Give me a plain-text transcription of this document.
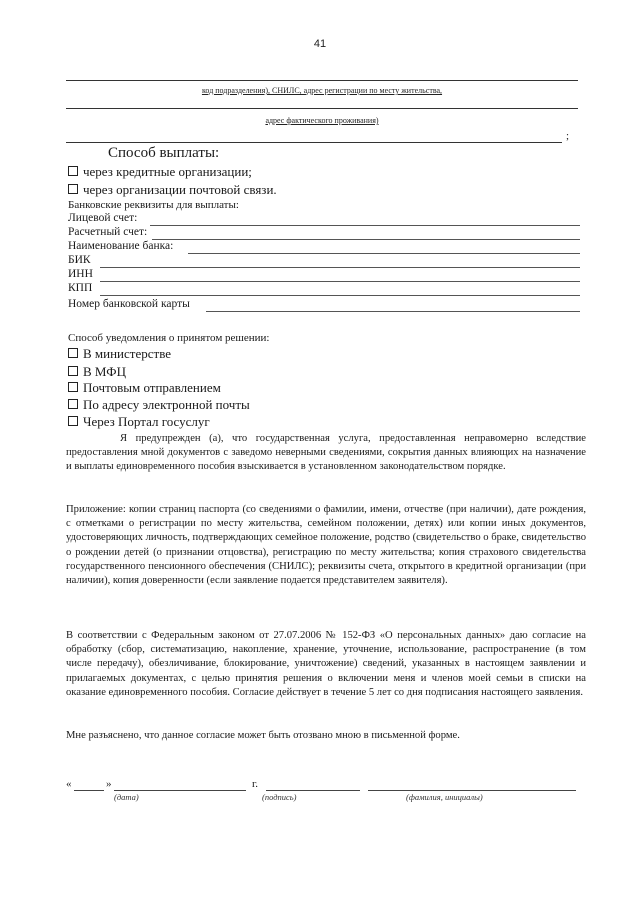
41
код подразделения), СНИЛС, адрес регистрации по месту жительства,
адрес фактического проживания)
;
Способ выплаты:
через кредитные организации;
через организации почтовой связи.
Банковские реквизиты для выплаты:
Лицевой счет:
Расчетный счет:
Наименование банка:
БИК
ИНН
КПП
Номер банковской карты
Способ уведомления о принятом решении:
В министерстве
В МФЦ
Почтовым отправлением
По адресу электронной почты
Через Портал госуслуг
Я предупрежден (а), что государственная услуга, предоставленная неправомерно вследствие предоставления мной документов с заведомо неверными сведениями, сокрытия данных влияющих на назначение и выплаты единовременного пособия взыскивается в установленном законодательством порядке.
Приложение: копии страниц паспорта (со сведениями о фамилии, имени, отчестве (при наличии), дате рождения, с отметками о регистрации по месту жительства, семейном положении, детях) или копии иных документов, удостоверяющих личность, подтверждающих семейное положение, родство (свидетельство о браке, свидетельство о рождении детей (о признании отцовства), регистрацию по месту жительства; копия страхового свидетельства государственного пенсионного обеспечения (СНИЛС); реквизиты счета, открытого в кредитной организации (при наличии), копия доверенности (если заявление подается представителем заявителя).
В соответствии с Федеральным законом от 27.07.2006 № 152-ФЗ «О персональных данных» даю согласие на обработку (сбор, систематизацию, накопление, хранение, уточнение, использование, распространение (в том числе передачу), обезличивание, блокирование, уничтожение) сведений, указанных в настоящем заявлении и прилагаемых документах, с целью принятия решения о включении меня и членов моей семьи в списки на оказание единовременного пособия. Согласие действует в течение 5 лет со дня подписания настоящего заявления.
Мне разъяснено, что данное согласие может быть отозвано мною в письменной форме.
«	»	г.
(дата)	(подпись)	(фамилия, инициалы)
